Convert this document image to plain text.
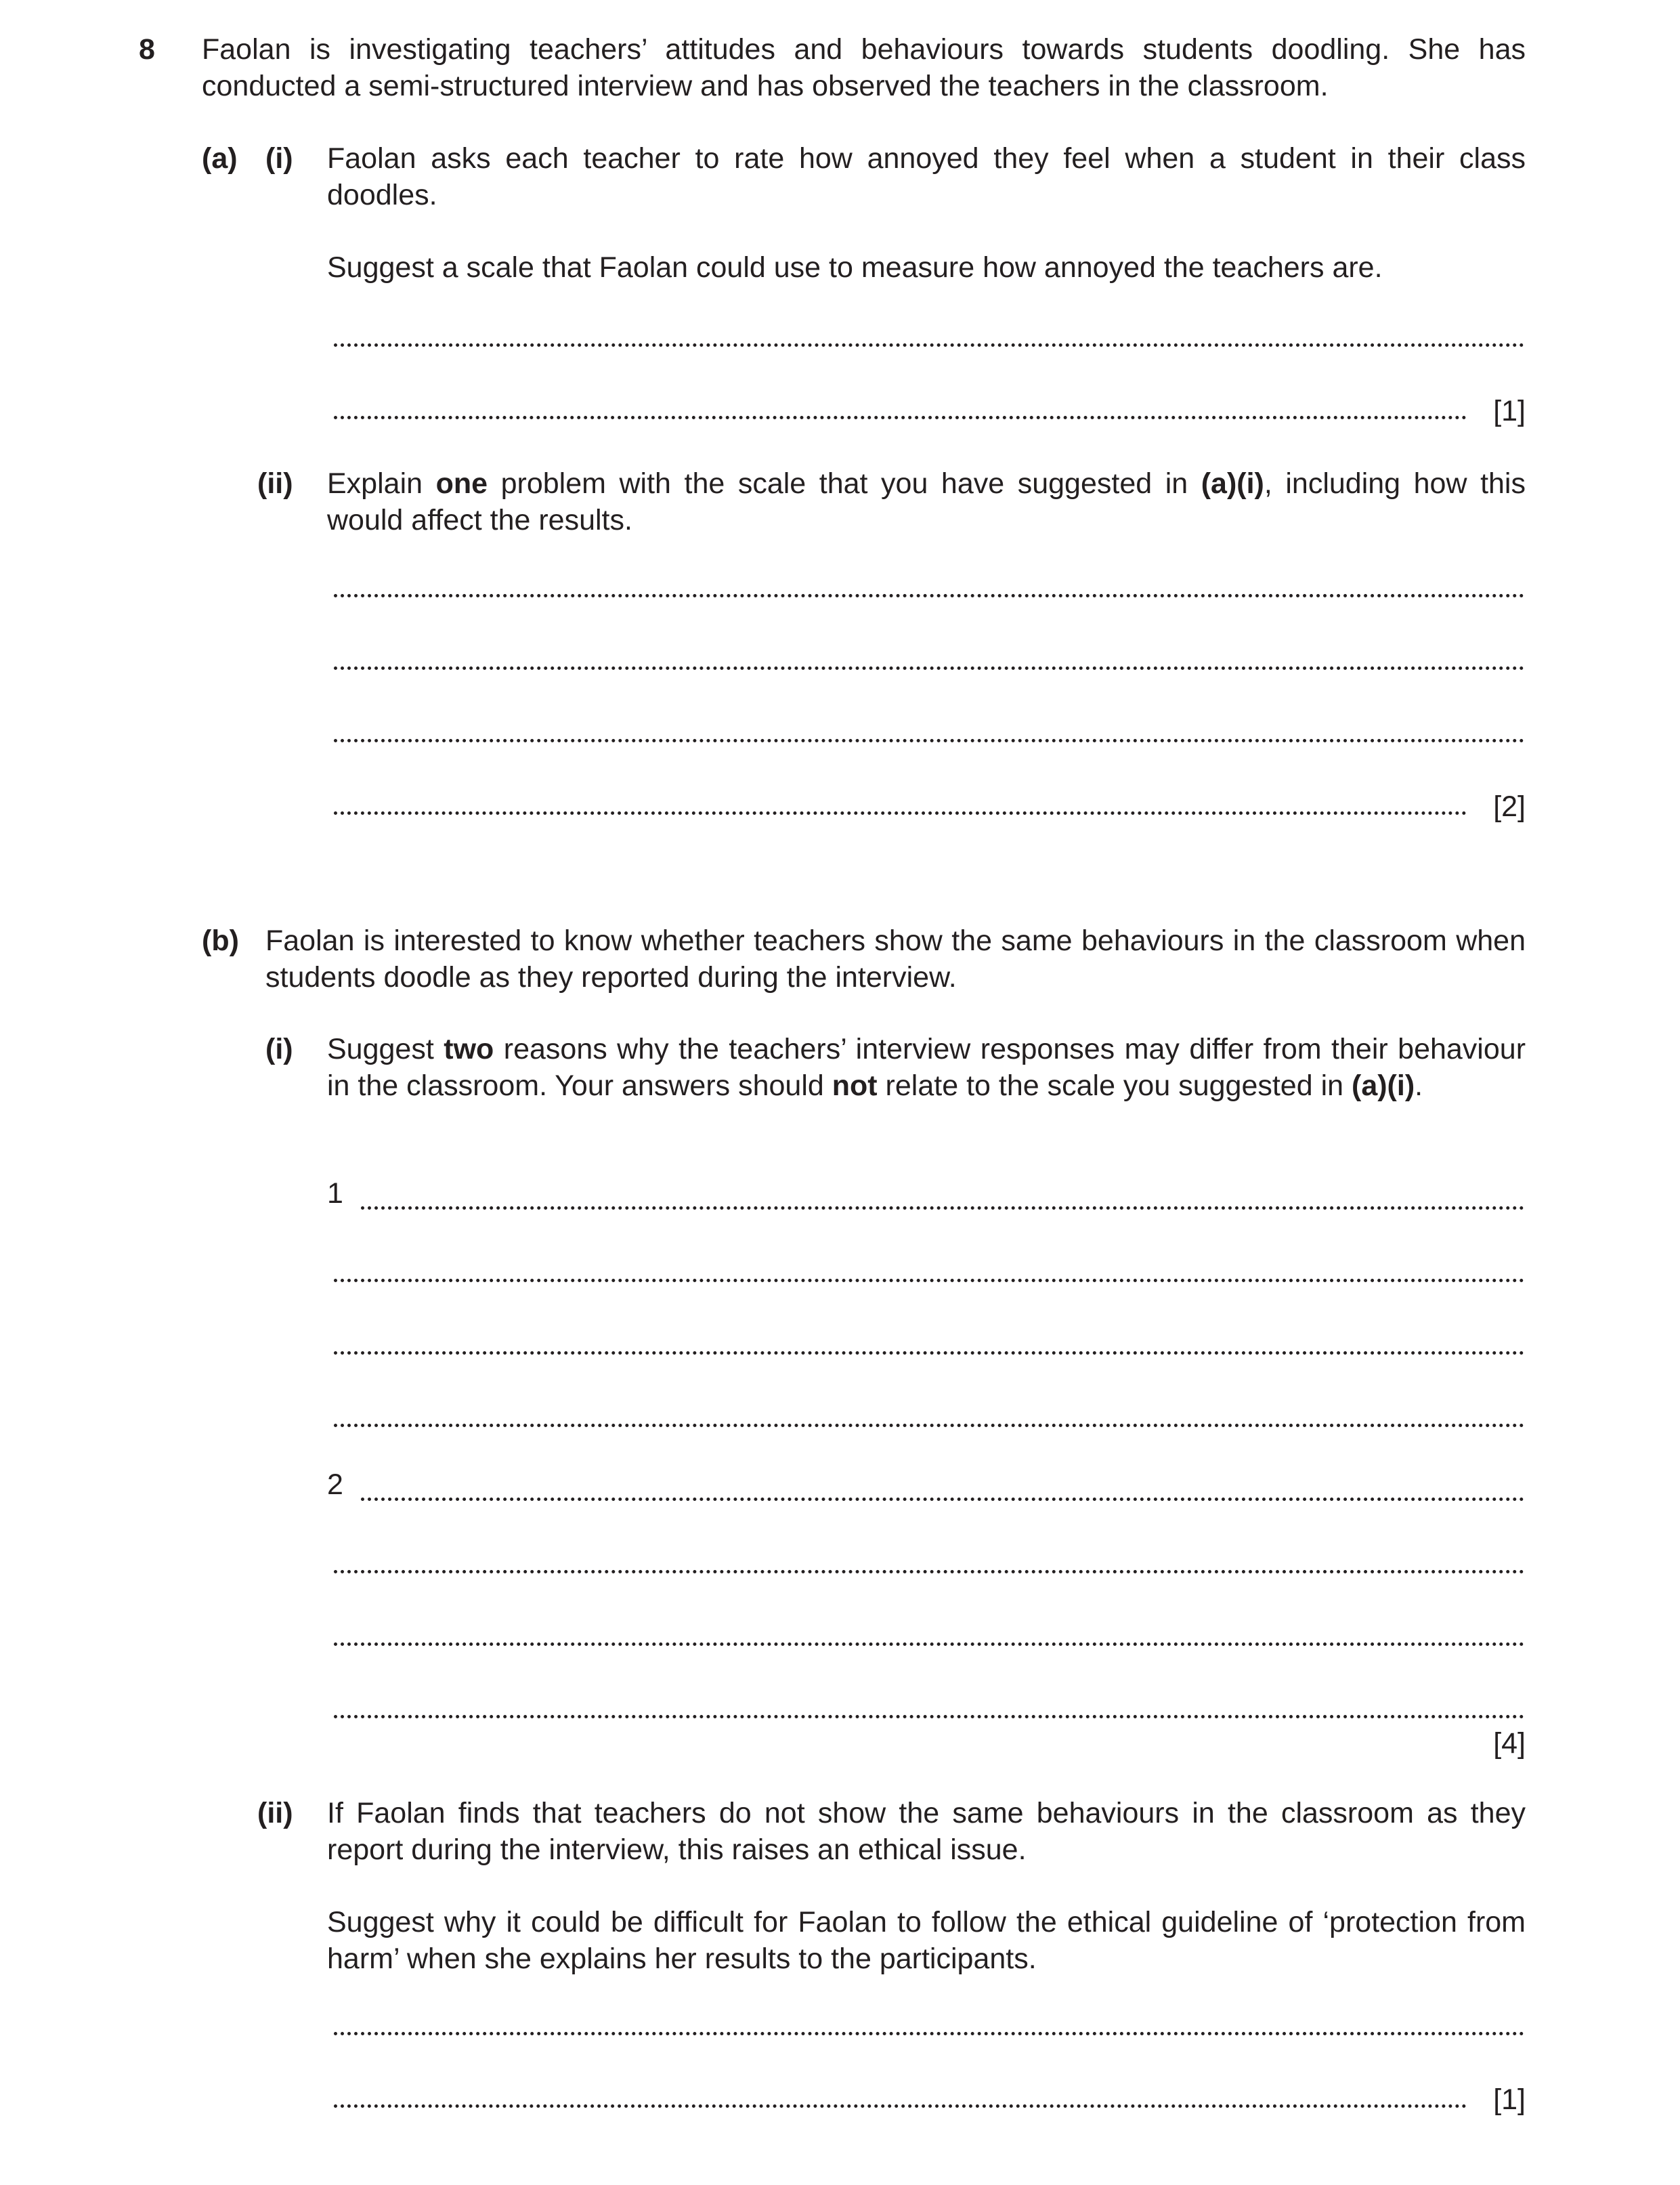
8 Faolan is investigating teachers’ attitudes and behaviours towards students doodling. She has conducted a semi-structured interview and has observed the teachers in the classroom.
(a) (i) Faolan asks each teacher to rate how annoyed they feel when a student in their class doodles.
Suggest a scale that Faolan could use to measure how annoyed the teachers are.
[1]
(ii) Explain one problem with the scale that you have suggested in (a)(i), including how this would affect the results.
[2]
(b) Faolan is interested to know whether teachers show the same behaviours in the classroom when students doodle as they reported during the interview.
(i) Suggest two reasons why the teachers’ interview responses may differ from their behaviour in the classroom. Your answers should not relate to the scale you suggested in (a)(i).
1
2
[4]
(ii) If Faolan finds that teachers do not show the same behaviours in the classroom as they report during the interview, this raises an ethical issue.
Suggest why it could be difficult for Faolan to follow the ethical guideline of ‘protection from harm’ when she explains her results to the participants.
[1]
